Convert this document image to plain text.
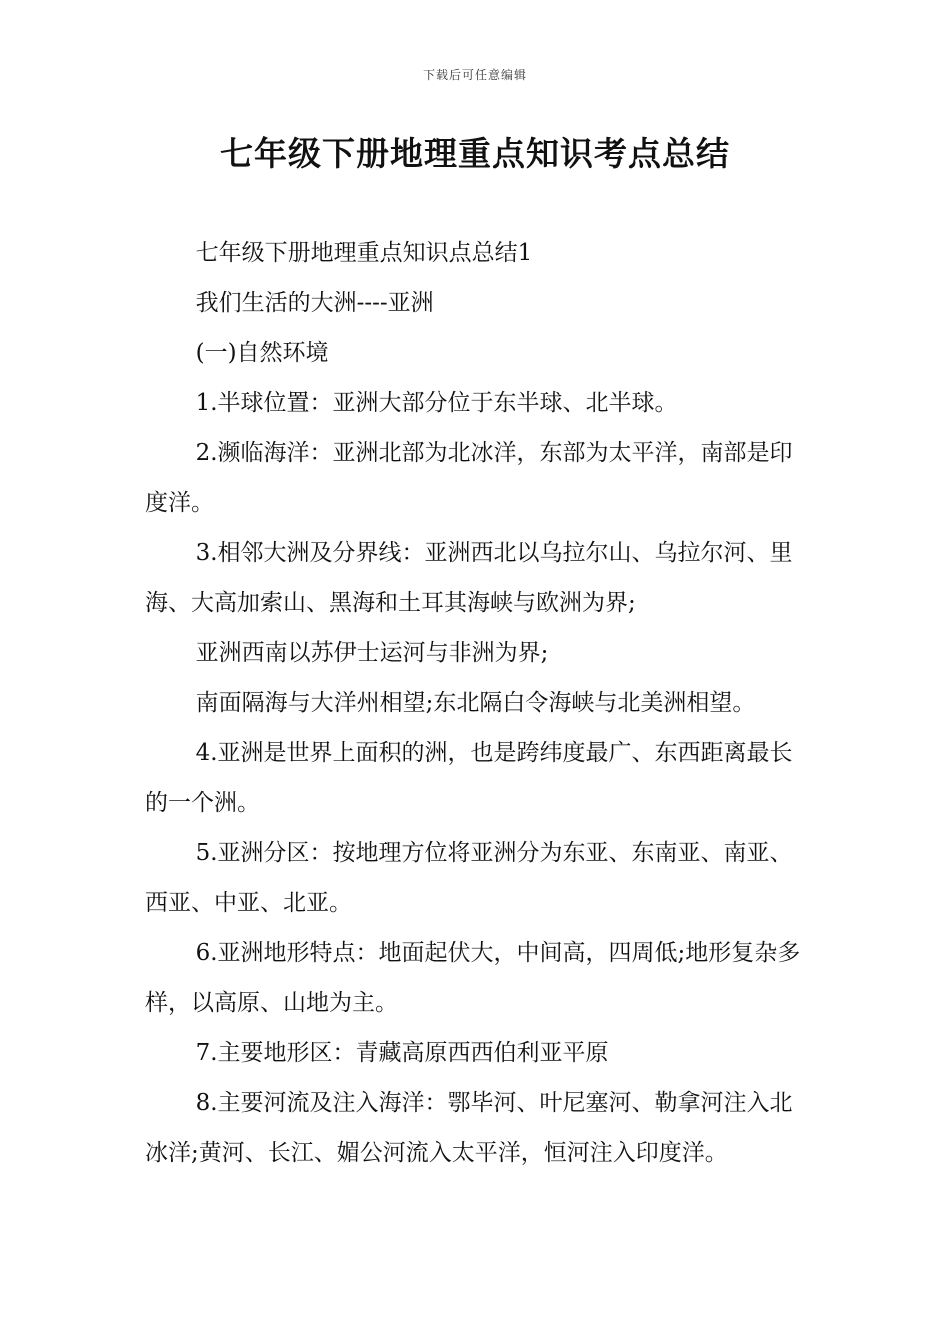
下载后可任意编辑
七年级下册地理重点知识考点总结

七年级下册地理重点知识点总结1

我们生活的大洲----亚洲

(一)自然环境

1.半球位置：亚洲大部分位于东半球、北半球。

2.濒临海洋：亚洲北部为北冰洋，东部为太平洋，南部是印度洋。

3.相邻大洲及分界线：亚洲西北以乌拉尔山、乌拉尔河、里海、大高加索山、黑海和土耳其海峡与欧洲为界;

亚洲西南以苏伊士运河与非洲为界;

南面隔海与大洋州相望;东北隔白令海峡与北美洲相望。

4.亚洲是世界上面积的洲，也是跨纬度最广、东西距离最长的一个洲。

5.亚洲分区：按地理方位将亚洲分为东亚、东南亚、南亚、西亚、中亚、北亚。

6.亚洲地形特点：地面起伏大，中间高，四周低;地形复杂多样，以高原、山地为主。

7.主要地形区：青藏高原西西伯利亚平原

8.主要河流及注入海洋：鄂毕河、叶尼塞河、勒拿河注入北冰洋;黄河、长江、媚公河流入太平洋，恒河注入印度洋。
